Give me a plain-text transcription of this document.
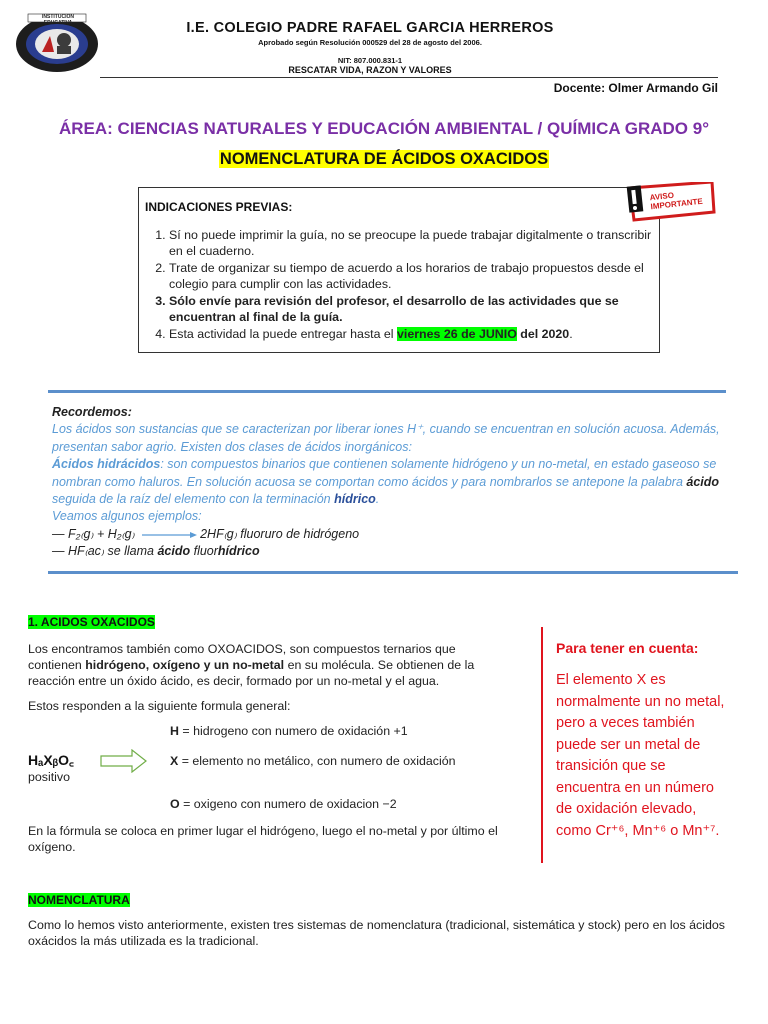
INSTITUCION EDUCATIVA	I.E. COLEGIO PADRE RAFAEL GARCIA HERREROS
Aprobado según Resolución 000529 del 28 de agosto del 2006.
NIT: 807.000.831-1
RESCATAR VIDA, RAZON Y VALORES
Docente: Olmer Armando Gil
ÁREA: CIENCIAS NATURALES Y EDUCACIÓN AMBIENTAL / QUÍMICA GRADO 9°
NOMENCLATURA DE ÁCIDOS OXACIDOS
INDICACIONES PREVIAS:
1. Sí no puede imprimir la guía, no se preocupe la puede trabajar digitalmente o transcribir en el cuaderno.
2. Trate de organizar su tiempo de acuerdo a los horarios de trabajo propuestos desde el colegio para cumplir con las actividades.
3. Sólo envíe para revisión del profesor, el desarrollo de las actividades que se encuentran al final de la guía.
4. Esta actividad la puede entregar hasta el viernes 26 de JUNIO del 2020.
AVISO IMPORTANTE
Recordemos:
Los ácidos son sustancias que se caracterizan por liberar iones H⁺, cuando se encuentran en solución acuosa. Además, presentan sabor agrio. Existen dos clases de ácidos inorgánicos:
Ácidos hidrácidos: son compuestos binarios que contienen solamente hidrógeno y un no-metal, en estado gaseoso se nombran como haluros. En solución acuosa se comportan como ácidos y para nombrarlos se antepone la palabra ácido seguida de la raíz del elemento con la terminación hídrico.
Veamos algunos ejemplos:
— F₂₍g₎ + H₂₍g₎	2HF₍g₎ fluoruro de hidrógeno
— HF₍ac₎ se llama ácido fluorhídrico
1. ACIDOS OXACIDOS
Los encontramos también como OXOACIDOS, son compuestos ternarios que contienen hidrógeno, oxígeno y un no-metal en su molécula. Se obtienen de la reacción entre un óxido ácido, es decir, formado por un no-metal y el agua.
Estos responden a la siguiente formula general:
H = hidrogeno con numero de oxidación +1
HₐXᵦO꜀
positivo
X = elemento no metálico, con numero de oxidación
O = oxigeno con numero de oxidacion −2
En la fórmula se coloca en primer lugar el hidrógeno, luego el no-metal y por último el oxígeno.
Para tener en cuenta:
El elemento X es normalmente un no metal, pero a veces también puede ser un metal de transición que se encuentra en un número de oxidación elevado, como Cr⁺⁶, Mn⁺⁶ o Mn⁺⁷.
NOMENCLATURA
Como lo hemos visto anteriormente, existen tres sistemas de nomenclatura (tradicional, sistemática y stock) pero en los ácidos oxácidos la más utilizada es la tradicional.
